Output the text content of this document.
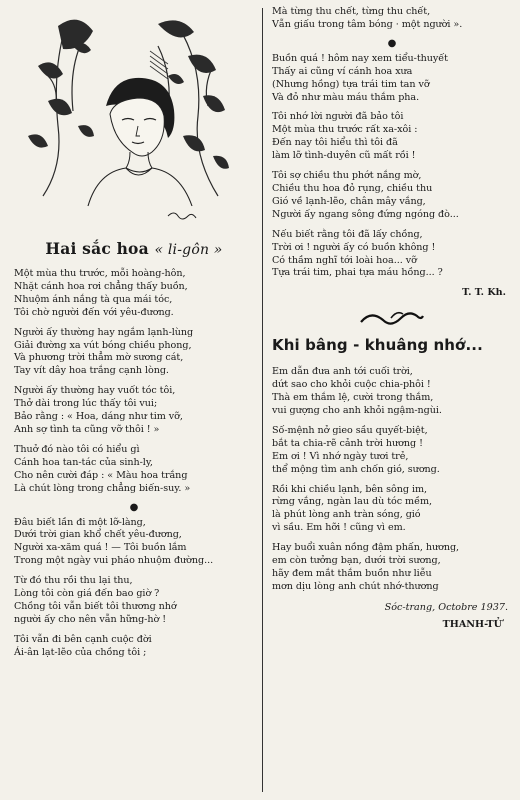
Hai sắc hoa « li-gôn »
Một mùa thu trước, mỗi hoàng-hôn,
Nhặt cánh hoa rơi chẳng thấy buồn,
Nhuộm ánh nắng tà qua mái tóc,
Tôi chờ người đến với yêu-đương.
Người ấy thường hay ngắm lạnh-lùng
Giải đường xa vút bóng chiều phong,
Và phương trời thẳm mờ sương cát,
Tay vít dây hoa trắng cạnh lòng.
Người ấy thường hay vuốt tóc tôi,
Thở dài trong lúc thấy tôi vui;
Bảo rằng : « Hoa, dáng như tim vỡ,
Anh sợ tình ta cũng vỡ thôi ! »
Thuở đó nào tôi có hiểu gì
Cánh hoa tan-tác của sinh-ly,
Cho nên cười đáp : « Màu hoa trắng
Là chút lòng trong chẳng biến-suy. »
●
Đâu biết lần đi một lỡ-làng,
Dưới trời gian khổ chết yêu-đương,
Người xa-xăm quá ! — Tôi buồn lắm
Trong một ngày vui pháo nhuộm đường...
Từ đó thu rồi thu lại thu,
Lòng tôi còn giá đến bao giờ ?
Chồng tôi vẫn biết tôi thương nhớ
người ấy cho nên vẫn hững-hờ !
Tôi vẫn đi bên cạnh cuộc đời
Ái-ân lạt-lẽo của chồng tôi ;
Mà từng thu chết, từng thu chết,
Vẫn giấu trong tâm bóng · một người ».
●
Buồn quá ! hôm nay xem tiểu-thuyết
Thấy ai cũng ví cánh hoa xưa
(Nhưng hồng) tựa trái tim tan vỡ
Và đỏ như màu máu thắm pha.
Tôi nhớ lời người đã bảo tôi
Một mùa thu trước rất xa-xôi :
Đến nay tôi hiểu thì tôi đã
làm lỡ tình-duyên cũ mất rồi !
Tôi sợ chiều thu phớt nắng mờ,
Chiều thu hoa đỏ rụng, chiều thu
Gió về lạnh-lẽo, chân mây vắng,
Người ấy ngang sông đứng ngóng đò...
Nếu biết rằng tôi đã lấy chồng,
Trời ơi ! người ấy có buồn không !
Có thầm nghĩ tới loài hoa... vỡ
Tựa trái tim, phai tựa máu hồng... ?
T. T. Kh.
Khi bâng - khuâng nhớ...
Em dẫn đưa anh tới cuối trời,
dứt sao cho khỏi cuộc chia-phôi !
Thà em thắm lệ, cười trong thắm,
vui gượng cho anh khỏi ngậm-ngùi.
Số-mệnh nở gieo sầu quyết-biệt,
bắt ta chia-rẽ cảnh trời hương !
Em ơi ! Vì nhớ ngày tươi trẻ,
thể mộng tìm anh chốn gió, sương.
Rồi khi chiều lạnh, bên sông im,
rừng vắng, ngàn lau dù tóc mềm,
là phút lòng anh tràn sóng, gió
vì sầu. Em hỡi ! cũng vì em.
Hay buổi xuân nồng đậm phấn, hương,
em còn tưởng bạn, dưới trời sương,
hãy đem mắt thắm buồn như liễu
mơn dịu lòng anh chút nhớ-thương
Sóc-trang, Octobre 1937.
THANH-TỬ
